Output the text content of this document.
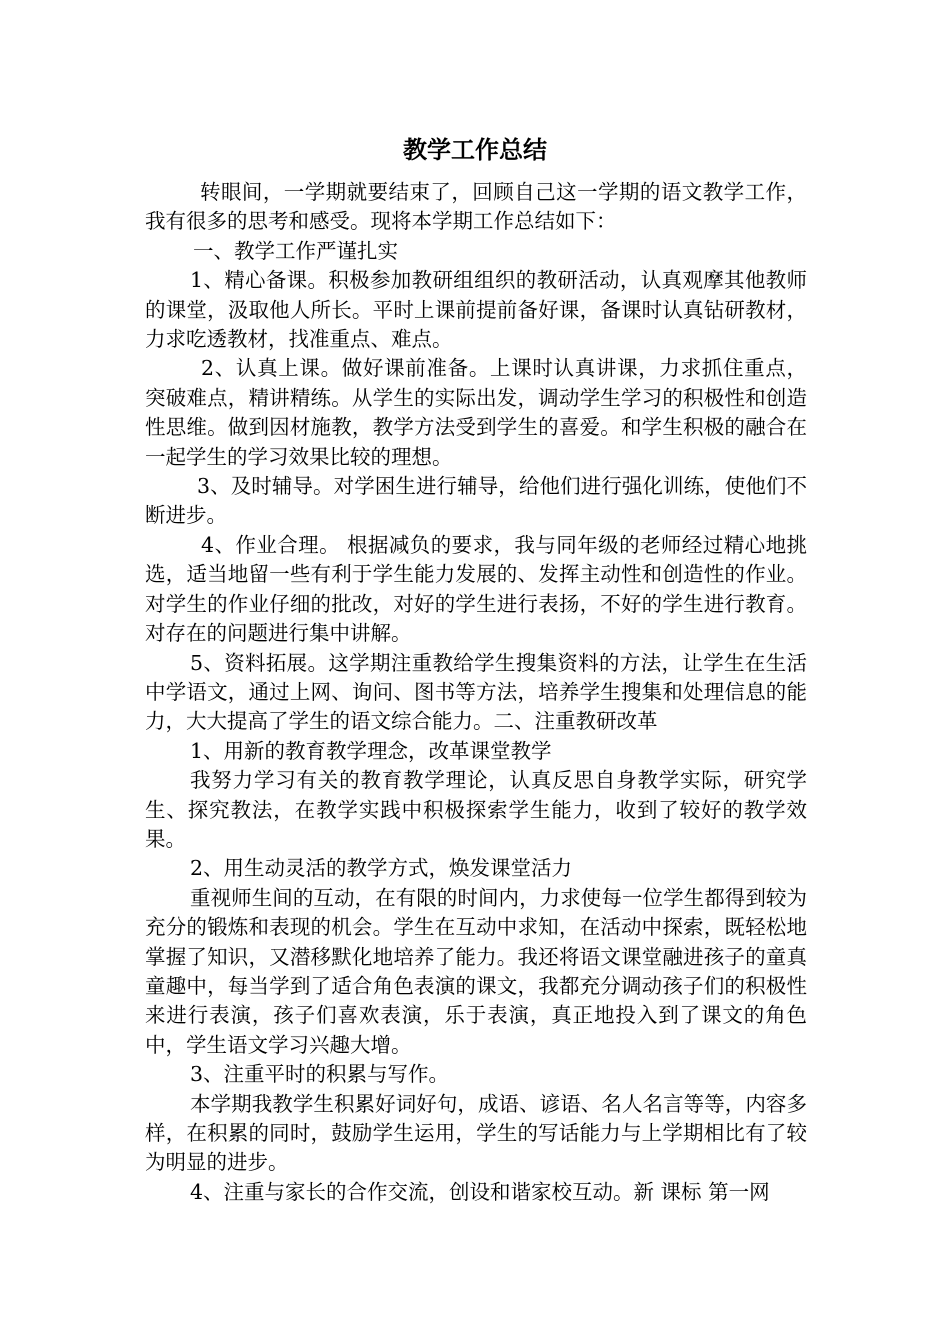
教学工作总结

转眼间，一学期就要结束了，回顾自己这一学期的语文教学工作，我有很多的思考和感受。现将本学期工作总结如下：

一、教学工作严谨扎实

1、精心备课。积极参加教研组组织的教研活动，认真观摩其他教师的课堂，汲取他人所长。平时上课前提前备好课，备课时认真钻研教材，力求吃透教材，找准重点、难点。

2、认真上课。做好课前准备。上课时认真讲课，力求抓住重点，突破难点，精讲精练。从学生的实际出发，调动学生学习的积极性和创造性思维。做到因材施教，教学方法受到学生的喜爱。和学生积极的融合在一起学生的学习效果比较的理想。

3、及时辅导。对学困生进行辅导，给他们进行强化训练，使他们不断进步。

4、作业合理。 根据减负的要求，我与同年级的老师经过精心地挑选，适当地留一些有利于学生能力发展的、发挥主动性和创造性的作业。对学生的作业仔细的批改，对好的学生进行表扬，不好的学生进行教育。对存在的问题进行集中讲解。

5、资料拓展。这学期注重教给学生搜集资料的方法，让学生在生活中学语文，通过上网、询问、图书等方法，培养学生搜集和处理信息的能力，大大提高了学生的语文综合能力。二、注重教研改革

1、用新的教育教学理念，改革课堂教学

我努力学习有关的教育教学理论，认真反思自身教学实际，研究学生、探究教法，在教学实践中积极探索学生能力，收到了较好的教学效果。

2、用生动灵活的教学方式，焕发课堂活力

重视师生间的互动，在有限的时间内，力求使每一位学生都得到较为充分的锻炼和表现的机会。学生在互动中求知，在活动中探索，既轻松地掌握了知识，又潜移默化地培养了能力。我还将语文课堂融进孩子的童真童趣中，每当学到了适合角色表演的课文，我都充分调动孩子们的积极性来进行表演，孩子们喜欢表演，乐于表演，真正地投入到了课文的角色中，学生语文学习兴趣大增。

3、注重平时的积累与写作。

本学期我教学生积累好词好句，成语、谚语、名人名言等等，内容多样，在积累的同时，鼓励学生运用，学生的写话能力与上学期相比有了较为明显的进步。

4、注重与家长的合作交流，创设和谐家校互动。新 课标 第一网
